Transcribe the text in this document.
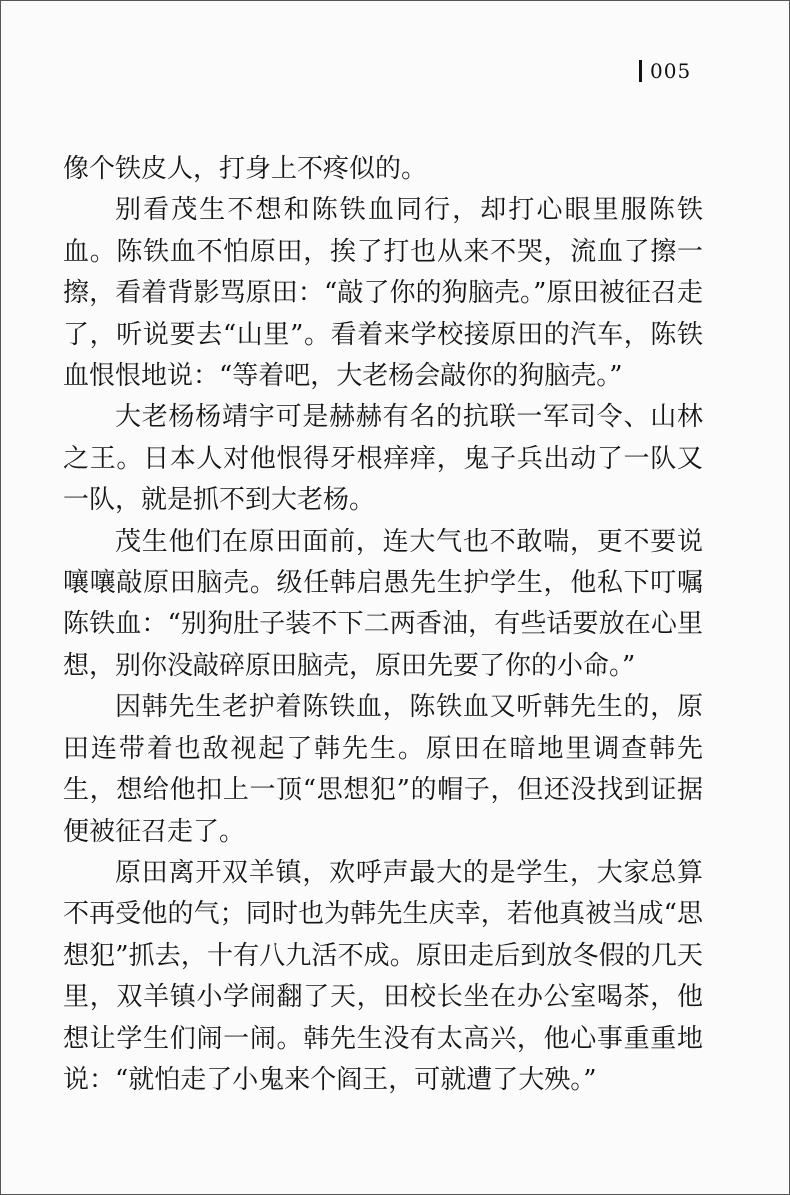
005

像个铁皮人，打身上不疼似的。

别看茂生不想和陈铁血同行，却打心眼里服陈铁血。陈铁血不怕原田，挨了打也从来不哭，流血了擦一擦，看着背影骂原田：“敲了你的狗脑壳。”原田被征召走了，听说要去“山里”。看着来学校接原田的汽车，陈铁血恨恨地说：“等着吧，大老杨会敲你的狗脑壳。”

大老杨杨靖宇可是赫赫有名的抗联一军司令、山林之王。日本人对他恨得牙根痒痒，鬼子兵出动了一队又一队，就是抓不到大老杨。

茂生他们在原田面前，连大气也不敢喘，更不要说嚷嚷敲原田脑壳。级任韩启愚先生护学生，他私下叮嘱陈铁血：“别狗肚子装不下二两香油，有些话要放在心里想，别你没敲碎原田脑壳，原田先要了你的小命。”

因韩先生老护着陈铁血，陈铁血又听韩先生的，原田连带着也敌视起了韩先生。原田在暗地里调查韩先生，想给他扣上一顶“思想犯”的帽子，但还没找到证据便被征召走了。

原田离开双羊镇，欢呼声最大的是学生，大家总算不再受他的气；同时也为韩先生庆幸，若他真被当成“思想犯”抓去，十有八九活不成。原田走后到放冬假的几天里，双羊镇小学闹翻了天，田校长坐在办公室喝茶，他想让学生们闹一闹。韩先生没有太高兴，他心事重重地说：“就怕走了小鬼来个阎王，可就遭了大殃。”
